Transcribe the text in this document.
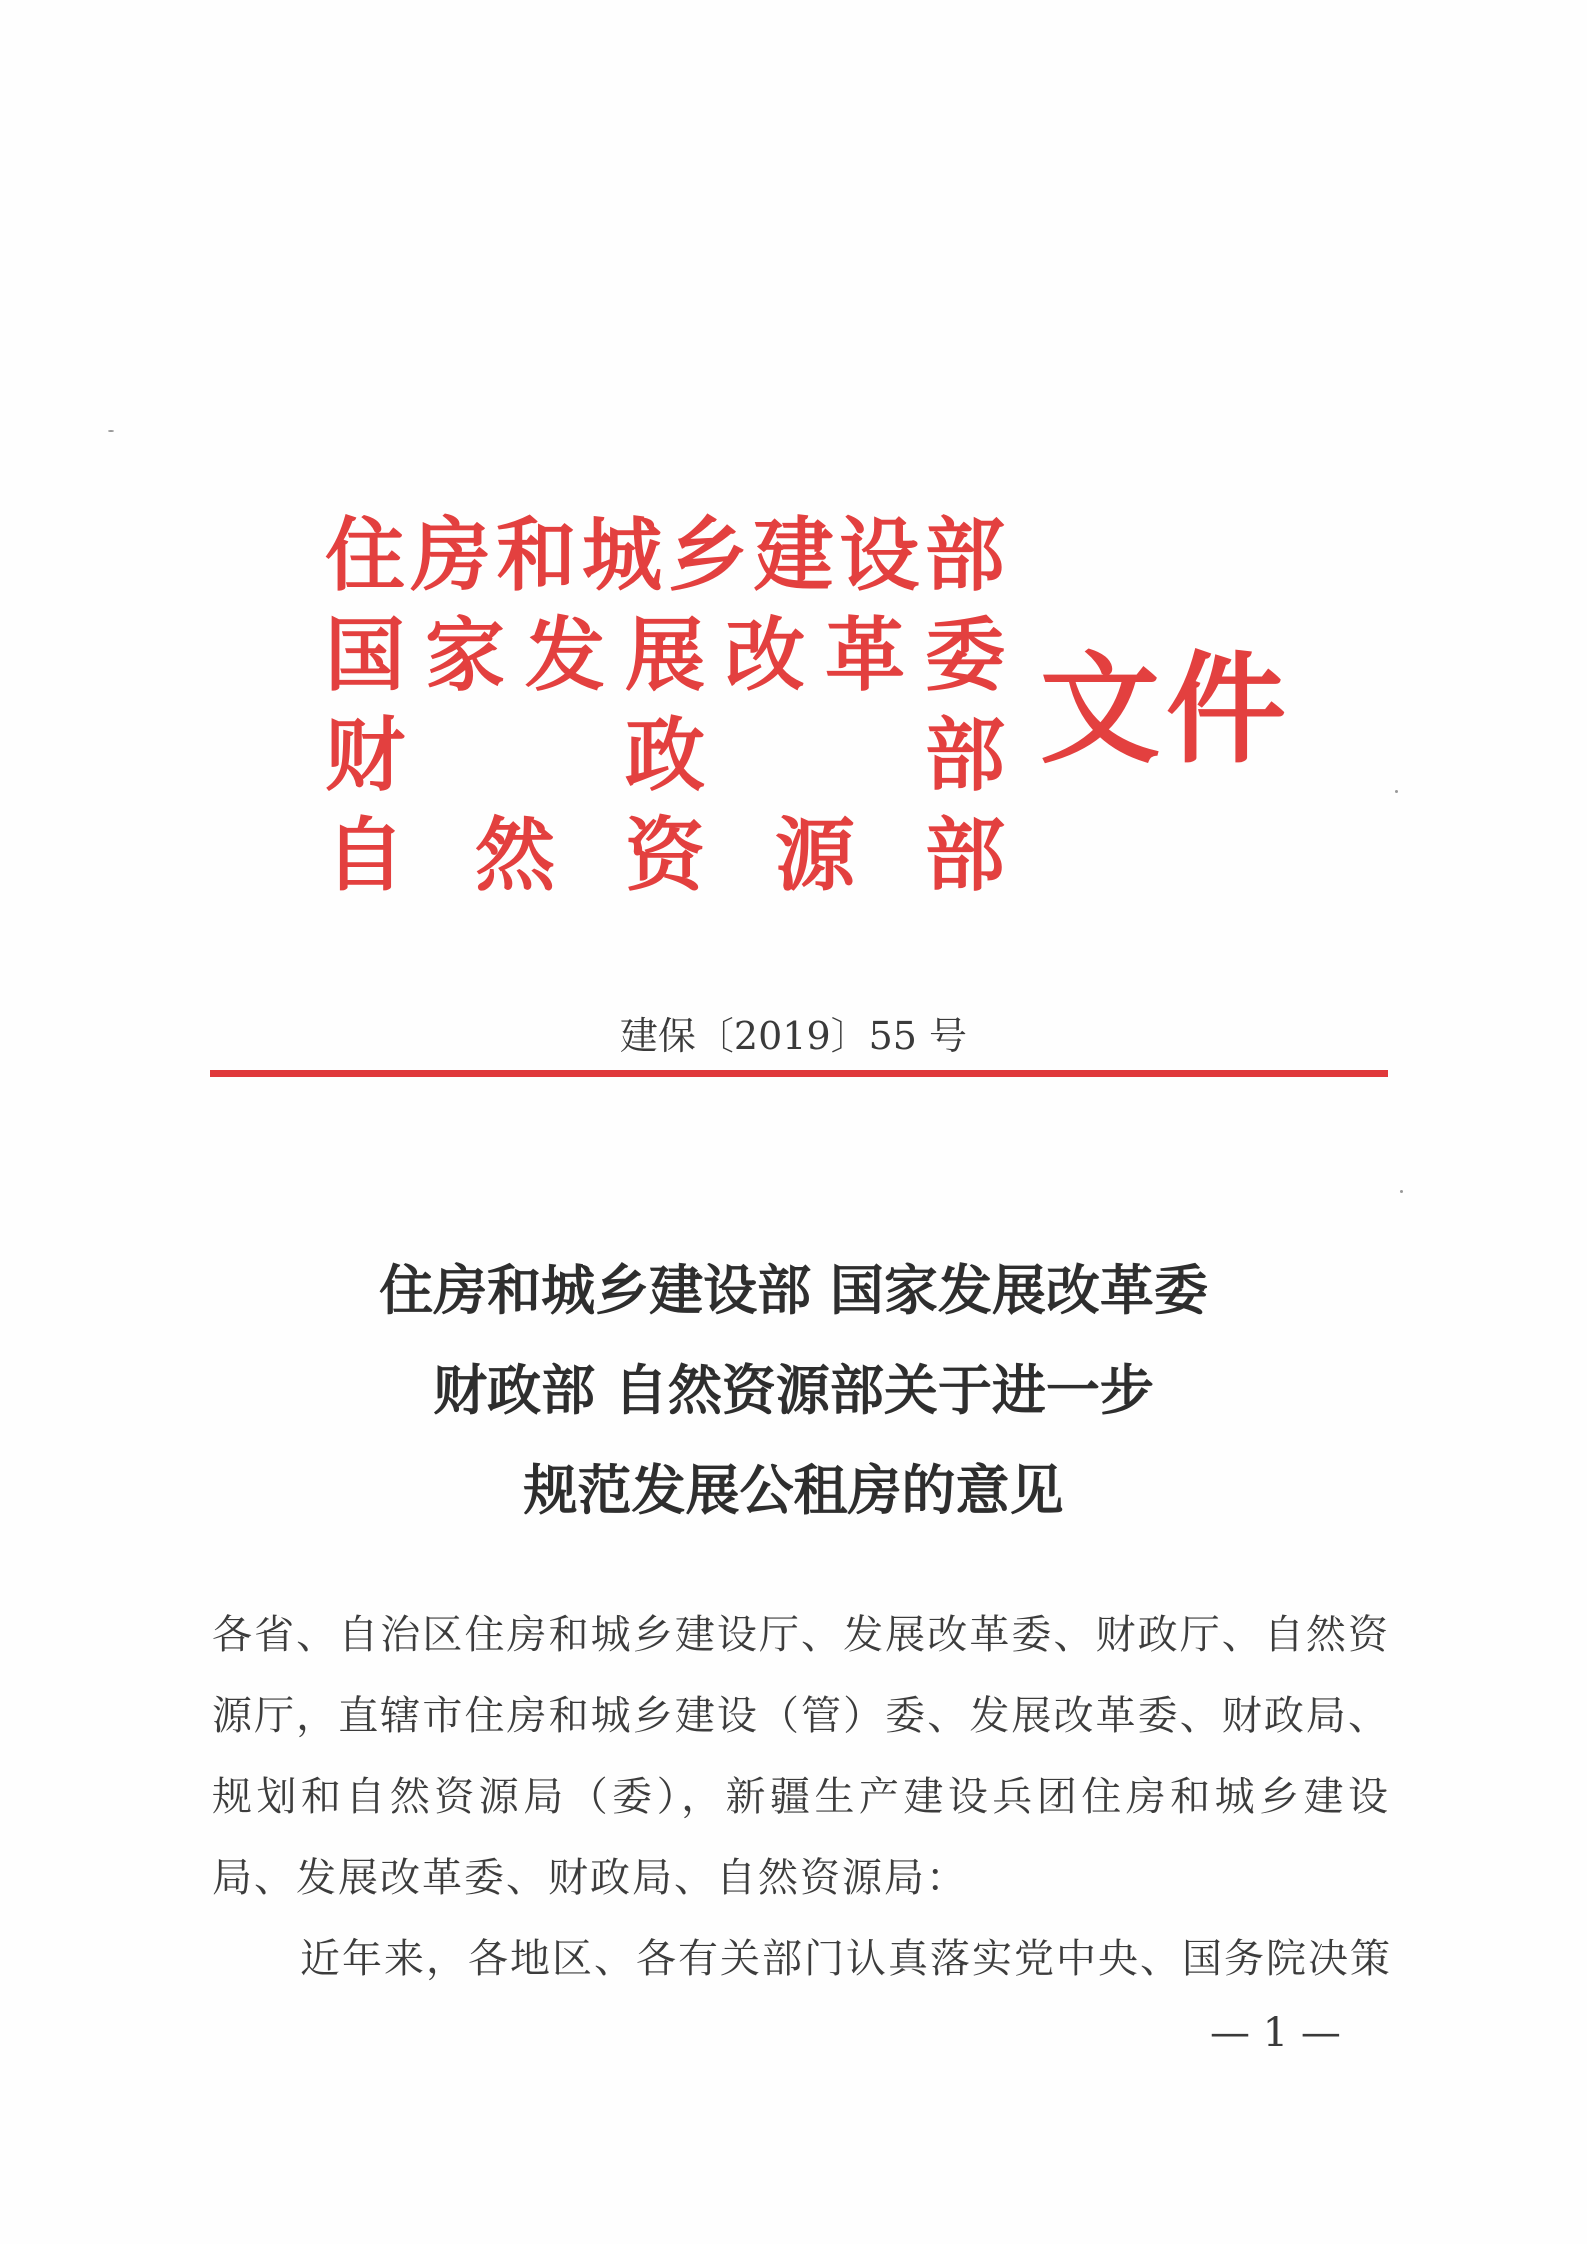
住 房 和 城 乡 建 设 部
国 家 发 展 改 革 委
财	政	部
自 然 资 源 部
文件
建保〔2019〕55 号
住房和城乡建设部 国家发展改革委
财政部 自然资源部关于进一步
规范发展公租房的意见
各省、自治区住房和城乡建设厅、发展改革委、财政厅、自然资
源厅，直辖市住房和城乡建设（管）委、发展改革委、财政局、
规划和自然资源局（委），新疆生产建设兵团住房和城乡建设
局、发展改革委、财政局、自然资源局：
近年来，各地区、各有关部门认真落实党中央、国务院决策
— 1 —
